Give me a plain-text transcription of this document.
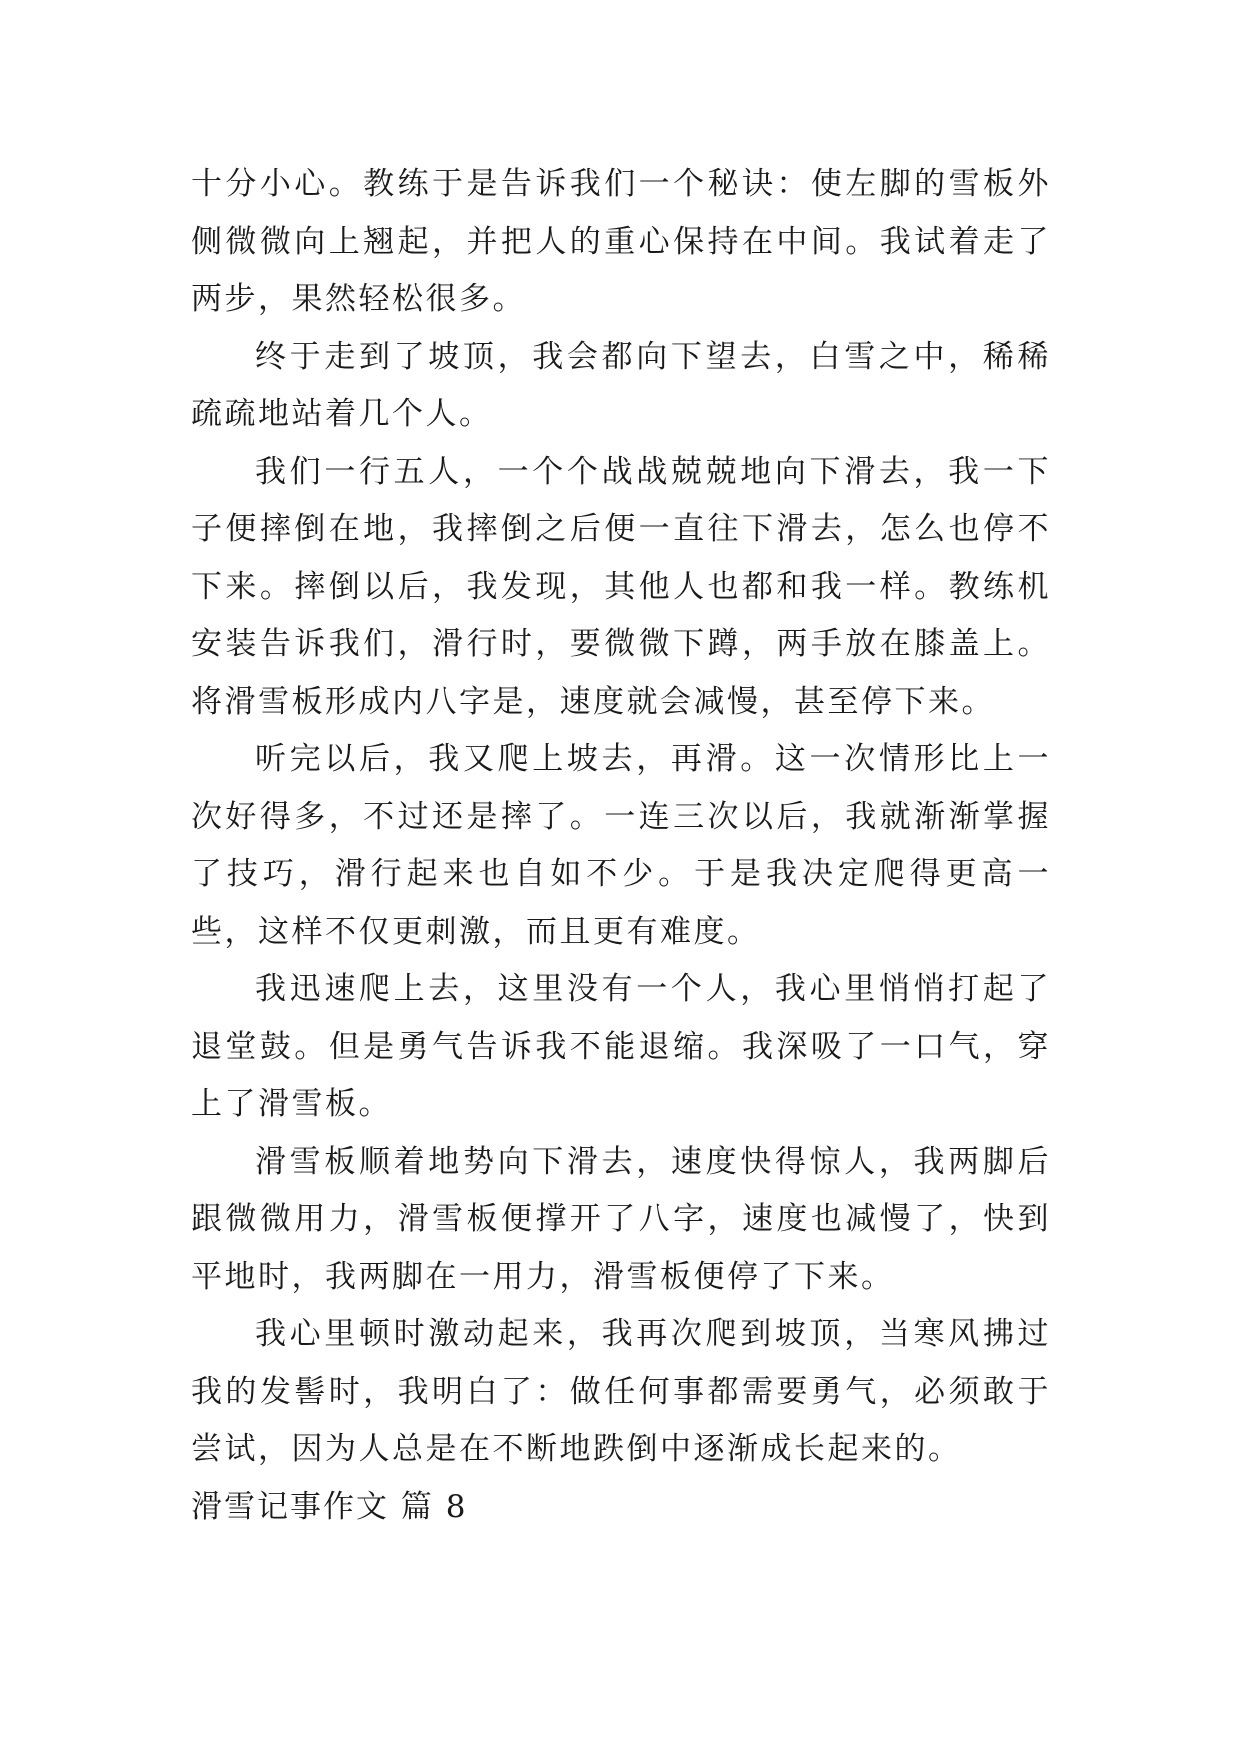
十分小心。教练于是告诉我们一个秘诀：使左脚的雪板外侧微微向上翘起，并把人的重心保持在中间。我试着走了两步，果然轻松很多。

终于走到了坡顶，我会都向下望去，白雪之中，稀稀疏疏地站着几个人。

我们一行五人，一个个战战兢兢地向下滑去，我一下子便摔倒在地，我摔倒之后便一直往下滑去，怎么也停不下来。摔倒以后，我发现，其他人也都和我一样。教练机安装告诉我们，滑行时，要微微下蹲，两手放在膝盖上。将滑雪板形成内八字是，速度就会减慢，甚至停下来。

听完以后，我又爬上坡去，再滑。这一次情形比上一次好得多，不过还是摔了。一连三次以后，我就渐渐掌握了技巧，滑行起来也自如不少。于是我决定爬得更高一些，这样不仅更刺激，而且更有难度。

我迅速爬上去，这里没有一个人，我心里悄悄打起了退堂鼓。但是勇气告诉我不能退缩。我深吸了一口气，穿上了滑雪板。

滑雪板顺着地势向下滑去，速度快得惊人，我两脚后跟微微用力，滑雪板便撑开了八字，速度也减慢了，快到平地时，我两脚在一用力，滑雪板便停了下来。

我心里顿时激动起来，我再次爬到坡顶，当寒风拂过我的发髻时，我明白了：做任何事都需要勇气，必须敢于尝试，因为人总是在不断地跌倒中逐渐成长起来的。

滑雪记事作文 篇 8
